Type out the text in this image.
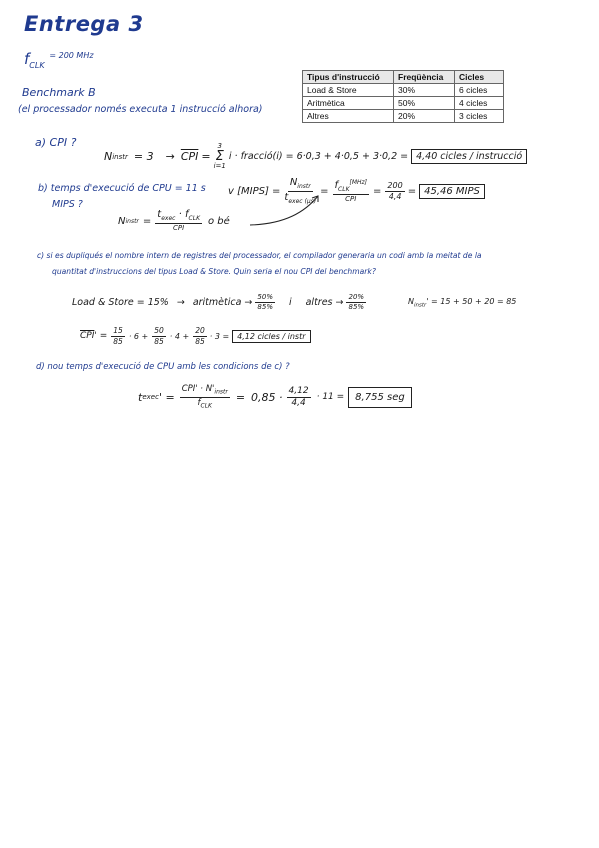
Entrega 3
$f_{CLK}$ $^{= 200 MHz}$
Benchmark B
(el processador només executa 1 instrucció alhora)
Tipus d'instrucció	Freqüència	Cicles
Load & Store	30%	6 cicles
Aritmètica	50%	4 cicles
Altres	20%	3 cicles
a) CPI ?
N instr = $3 \to \overline{CPI}$ =
3
Σ
i=1
i · fracció(i) = 6·0,3 + 4·0,5 + 3·0,2 = 4,40 cicles / instrucció
b) temps d'execució de CPU = 11 s
MIPS ?
v [MIPS] = $\frac{N_{instr}}{t_{exec (\mu s)}} = \frac{f_{CLK}^{[MHz]}}{\text{CPI}} = \frac{200}{4,4} = 45,46$ MIPS
N instr = $\frac{t_{exec} \cdot f_{CLK}}{\text{CPI}}$ o bé
c) si es dupliqués el nombre intern de registres del processador, el compilador generaria un codi amb la meitat de la
quantitat d'instruccions del tipus Load & Store. Quin seria el nou CPI del benchmark?
Load & Store = 15% → aritmètica → $\frac{50\%}{85\%}$ i altres → $\frac{20\%}{85\%}$	$N_{instr}' = 15 + 50 + 20 = 85$
$\overline{CPI}$ ' = $\frac{15}{85} \cdot 6 + \frac{50}{85} \cdot 4 + \frac{20}{85} \cdot 3$ =	4,12 cicles / instr
d) nou temps d'execució de CPU amb les condicions de c) ?
t exec ' = $\frac{CPI' \cdot N'_{instr}}{f_{CLK}} = 0,85 \cdot \frac{4,12}{4,4} \cdot 11$ =	8,755 seg
